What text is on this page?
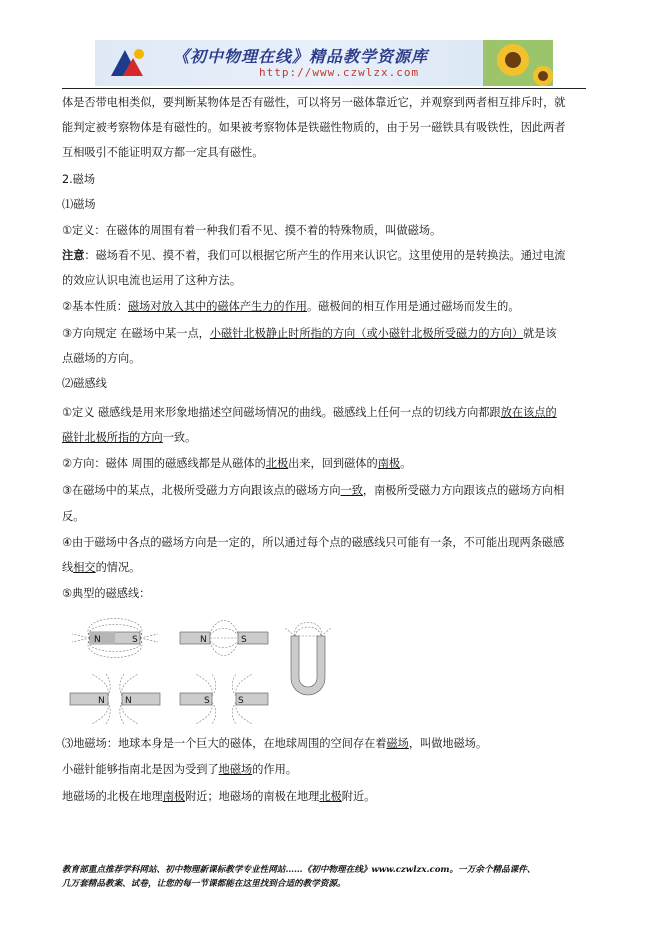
《初中物理在线》精品教学资源库
http://www.czwlzx.com
体是否带电相类似，要判断某物体是否有磁性，可以将另一磁体靠近它，并观察到两者相互排斥时，就
能判定被考察物体是有磁性的。如果被考察物体是铁磁性物质的，由于另一磁铁具有吸铁性，因此两者
互相吸引不能证明双方都一定具有磁性。
2.磁场
⑴磁场
①定义：在磁体的周围有着一种我们看不见、摸不着的特殊物质，叫做磁场。
注意：磁场看不见、摸不着，我们可以根据它所产生的作用来认识它。这里使用的是转换法。通过电流
的效应认识电流也运用了这种方法。
②基本性质：磁场对放入其中的磁体产生力的作用。磁极间的相互作用是通过磁场而发生的。
③方向规定 在磁场中某一点，小磁针北极静止时所指的方向（或小磁针北极所受磁力的方向）就是该
点磁场的方向。
⑵磁感线
①定义 磁感线是用来形象地描述空间磁场情况的曲线。磁感线上任何一点的切线方向都跟放在该点的
磁针北极所指的方向一致。
②方向：磁体 周围的磁感线都是从磁体的北极出来，回到磁体的南极。
③在磁场中的某点，北极所受磁力方向跟该点的磁场方向一致，南极所受磁力方向跟该点的磁场方向相
反。
④由于磁场中各点的磁场方向是一定的，所以通过每个点的磁感线只可能有一条，不可能出现两条磁感
线相交的情况。
⑤典型的磁感线：
N	S	N	S
N N	S	S
⑶地磁场：地球本身是一个巨大的磁体，在地球周围的空间存在着磁场，叫做地磁场。
小磁针能够指南北是因为受到了地磁场的作用。
地磁场的北极在地理南极附近；地磁场的南极在地理北极附近。
教育部重点推荐学科网站、初中物理新课标教学专业性网站……《初中物理在线》www.czwlzx.com。一万余个精品课件、
几万套精品教案、试卷，让您的每一节课都能在这里找到合适的教学资源。
